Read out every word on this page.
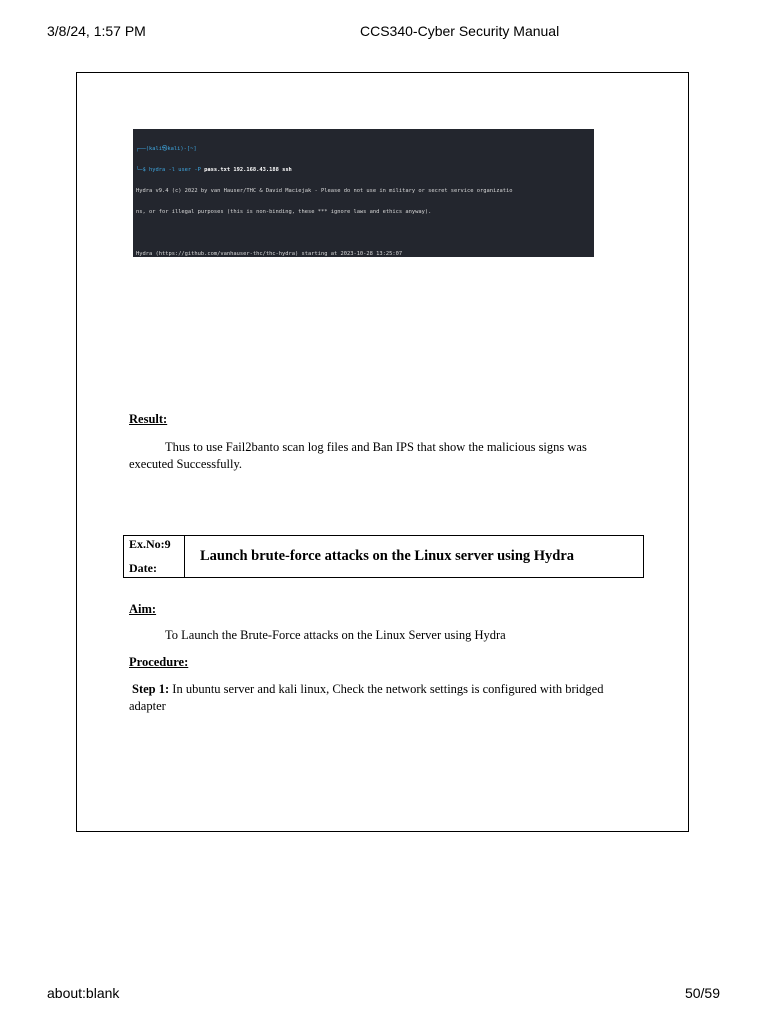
3/8/24, 1:57 PM	CCS340-Cyber Security Manual

┌──(kali㉿kali)-[~]

└─$ hydra -l user -P pass.txt 192.168.43.188 ssh

Hydra v9.4 (c) 2022 by van Hauser/THC & David Maciejak - Please do not use in military or secret service organizatio

ns, or for illegal purposes (this is non-binding, these *** ignore laws and ethics anyway).

Hydra (https://github.com/vanhauser-thc/thc-hydra) starting at 2023-10-28 13:25:07

Result:
Thus to use Fail2banto scan log files and Ban IPS that show the malicious signs was executed Successfully.
Ex.No:9
Date:
Launch brute-force attacks on the Linux server using Hydra
Aim:
To Launch the Brute-Force attacks on the Linux Server using Hydra
Procedure:
Step 1: In ubuntu server and kali linux, Check the network settings is configured with bridged adapter
about:blank	50/59
